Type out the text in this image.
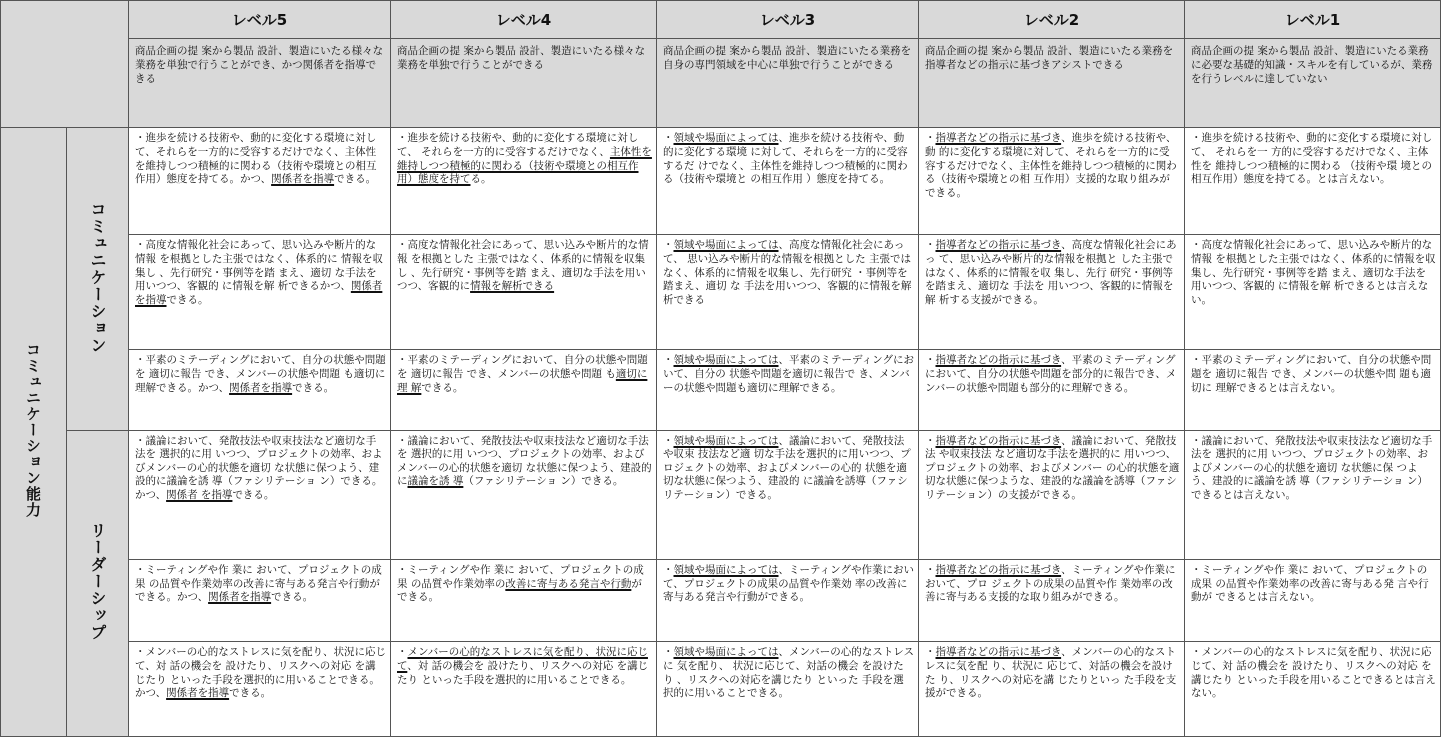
		レベル5	レベル4	レベル3	レベル2	レベル1
		商品企画の提 案から製品 設計、製造にいたる様々な業務を単独で行うことができ、かつ関係者を指導できる	商品企画の提 案から製品 設計、製造にいたる様々な業務を単独で行うことができる	商品企画の提 案から製品 設計、製造にいたる業務を自身の専門領域を中心に単独で行うことができる	商品企画の提 案から製品 設計、製造にいたる業務を指導者などの指示に基づきアシストできる	商品企画の提 案から製品 設計、製造にいたる業務に必要な基礎的知識・スキルを有しているが、業務を行うレベルに達していない
コミュニケーション能力	コミュニケーション	・進歩を続ける技術や、動的に変化する環境に対して、それらを一方的に受容するだけでなく、主体性を維持しつつ積極的に関わる（技術や環境との相互作用）態度を持てる。かつ、関係者を指導できる。	・進歩を続ける技術や、動的に変化する環境に対して、 それらを一方的に受容するだけでなく、主体性を維持しつつ積極的に関わる（技術や環境との相互作用）態度を持てる。	・領域や場面によっては、進歩を続ける技術や、動的に変化する環境 に対して、それらを一方的に受容するだ けでなく、主体性を維持しつつ積極的に関わる（技術や環境と の相互作用 ）態度を持てる。	・指導者などの指示に基づき、進歩を続ける技術や、動 的に変化する環境に対して、それらを一方的に受容するだけでなく、主体性を維持しつつ積極的に関わる（技術や環境との相 互作用）支援的な取り組みができる。	・進歩を続ける技術や、動的に変化する環境に対して、 それらを一 方的に受容するだけでなく、主体性を 維持しつつ積極的に関わる （技術や環 境との相互作用）態度を持てる。とは言えない。
		・高度な情報化社会にあって、思い込みや断片的な情報 を根拠とした主張ではなく、体系的に 情報を収集し 、先行研究・事例等を踏 まえ、適切 な手法を用いつつ、客観的 に情報を解 析できるかつ、関係者を指導できる。	・高度な情報化社会にあって、思い込みや断片的な情報 を根拠とした 主張ではなく、体系的に情報を収集し 、先行研究・事例等を踏 まえ、適切な手法を用いつつ、客観的に情報を解析できる	・領域や場面によっては、高度な情報化社会にあって、 思い込みや断片的な情報を根拠とした 主張ではなく、体系的に情報を収集し、先行研究 ・事例等を踏まえ、適切 な 手法を用いつつ、客観的に情報を解析できる	・指導者などの指示に基づき、高度な情報化社会にあっ て、思い込みや断片的な情報を根拠と した主張で はなく、体系的に情報を収 集し、先行 研究・事例等を踏まえ、適切な 手法を 用いつつ、客観的に情報を解 析する支援ができる。	・高度な情報化社会にあって、思い込みや断片的な情報 を根拠とした主張ではなく、体系的に情報を収集し、先行研究・事例等を踏 まえ、適切な手法を用いつつ、客観的 に情報を解 析できるとは言えない。
		・平素のミテーディングにおいて、自分の状態や問題を 適切に報告 でき、メンバーの状態や問題 も適切に理解できる。かつ、関係者を指導できる。	・平素のミテーディングにおいて、自分の状態や問題を 適切に報告 でき、メンバーの状態や問題 も適切に理 解できる。	・領域や場面によっては、平素のミテーディングにおいて、自分の 状態や問題を適切に報告で き、メンバーの状態や問題も適切に理解できる。	・指導者などの指示に基づき、平素のミテーディング において、自分の状態や問題を部分的に報告でき、メンバーの状態や問題も部分的に理解できる。	・平素のミテーディングにおいて、自分の状態や問題を 適切に報告 でき、メンバーの状態や問 題も適切に 理解できるとは言えない。
	リーダーシップ	・議論において、発散技法や収束技法など適切な手法を 選択的に用 いつつ、プロジェクトの効率、およびメンバーの心的状態を適切 な状態に保つよう、建設的に議論を誘 導（ファシリテーショ ン）できる。かつ、関係者 を指導できる。	・議論において、発散技法や収束技法など適切な手法を 選択的に用 いつつ、プロジェクトの効率、およびメンバーの心的状態を適切 な状態に保つよう、建設的に議論を誘 導（ファシリテーショ ン）できる。	・領域や場面によっては、議論において、発散技法や収束 技法など適 切な手法を選択的に用いつつ、プロジェクトの効率、およびメンバーの心的 状態を適切な状態に保つよう、建設的 に議論を誘導（ファシリテーション）できる。	・指導者などの指示に基づき、議論において、発散技法 や収束技法 など適切な手法を選択的に 用いつつ、プロジェクトの効率、およびメンバー の心的状態を適切な状態に保つような、建設的な議論を誘導（ファシリテーション）の支援ができる。	・議論において、発散技法や収束技法など適切な手法を 選択的に用 いつつ、プロジェクトの効率、およびメンバーの心的状態を適切 な状態に保 つよう、建設的に議論を誘 導（ファシリテーショ ン）できるとは言えない。
		・ミーティングや作 業に おいて、プロジェクトの成果 の品質や作業効率の改善に寄与ある発言や行動が できる。かつ、関係者を指導できる。	・ミーティングや作 業に おいて、プロジェクトの成果 の品質や作業効率の改善に寄与ある発言や行動ができる。	・領域や場面によっては、ミーティングや作業において、プロジェクトの成果の品質や作業効 率の改善に 寄与ある発言や行動ができる。	・指導者などの指示に基づき、ミーティングや作業において、プロ ジェクトの成果の品質や作 業効率の改 善に寄与ある支援的な取り組みができる。	・ミーティングや作 業に おいて、プロジェクトの成果 の品質や作業効率の改善に寄与ある発 言や行動が できるとは言えない。
		・メンバーの心的なストレスに気を配り、状況に応じて、対 話の機会を 設けたり、リスクへの対応 を講じたり といった手段を選択的に用いることできる。かつ、関係者を指導できる。	・メンバーの心的なストレスに気を配り、状況に応じて、対 話の機会を 設けたり、リスクへの対応 を講じたり といった手段を選択的に用いることできる。	・領域や場面によっては、メンバーの心的なストレスに 気を配り、 状況に応じて、対話の機会 を設けたり 、リスクへの対応を講じたり といった 手段を選択的に用いることできる。	・指導者などの指示に基づき、メンバーの心的なストレスに気を配 り、状況に 応じて、対話の機会を設けた り、リスクへの対応を講 じたりといっ た手段を支援ができる。	・メンバーの心的なストレスに気を配り、状況に応じて、対 話の機会を 設けたり、リスクへの対応 を講じたり といった手段を用いることできるとは言えない。
